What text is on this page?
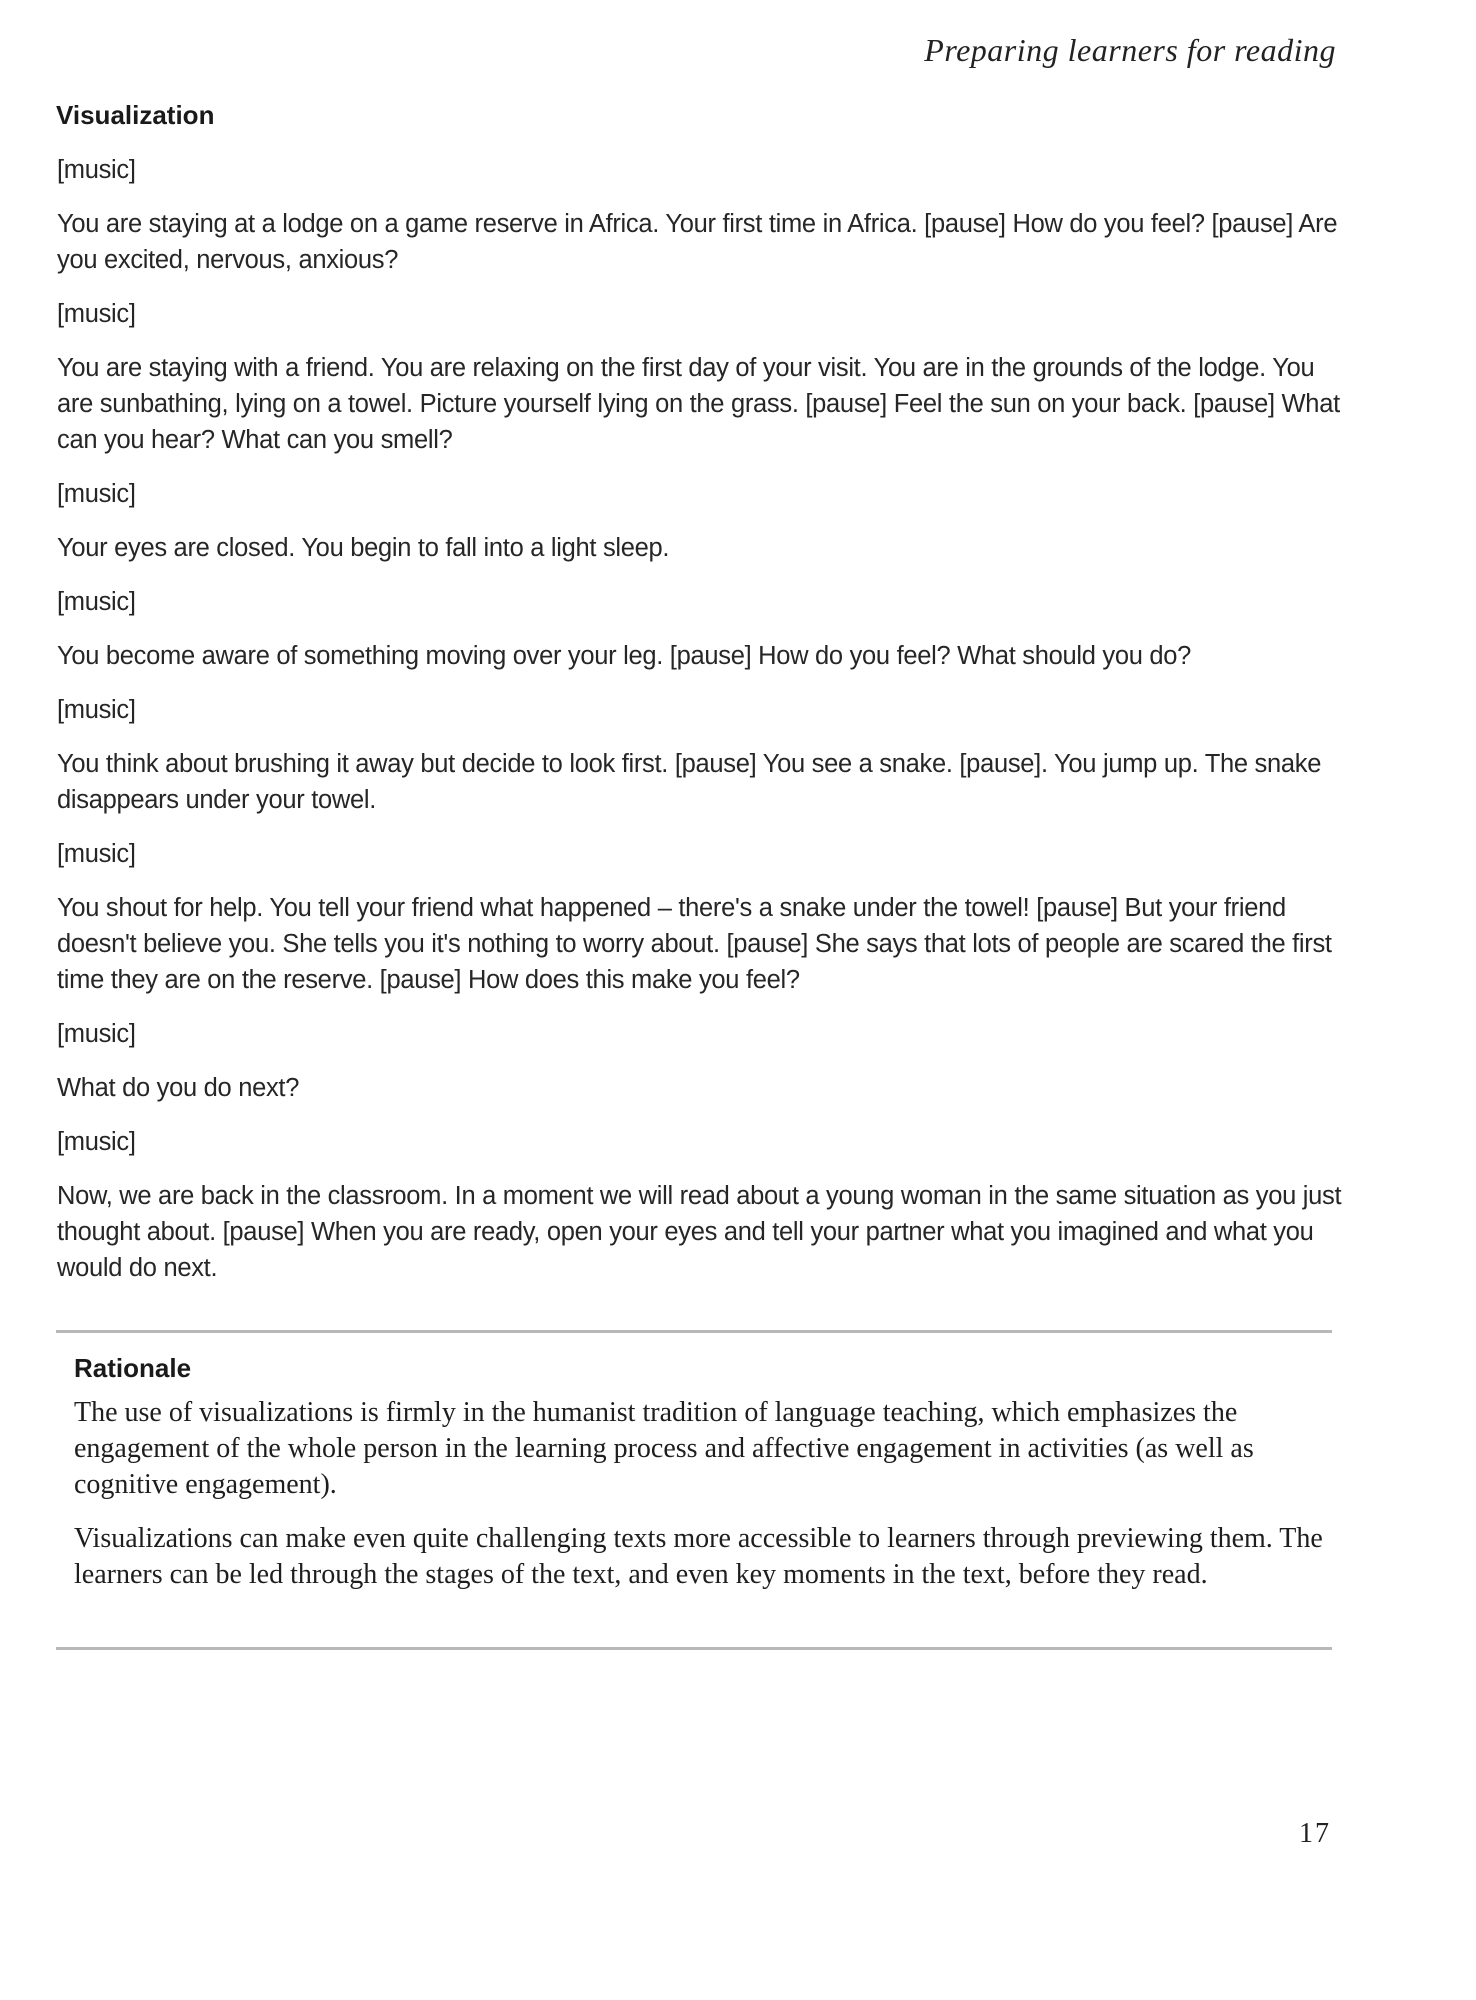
Preparing learners for reading
Visualization

[music]

You are staying at a lodge on a game reserve in Africa. Your first time in Africa. [pause] How do you feel? [pause] Are you excited, nervous, anxious?

[music]

You are staying with a friend. You are relaxing on the first day of your visit. You are in the grounds of the lodge. You are sunbathing, lying on a towel. Picture yourself lying on the grass. [pause] Feel the sun on your back. [pause] What can you hear? What can you smell?

[music]

Your eyes are closed. You begin to fall into a light sleep.

[music]

You become aware of something moving over your leg. [pause] How do you feel? What should you do?

[music]

You think about brushing it away but decide to look first. [pause] You see a snake. [pause]. You jump up. The snake disappears under your towel.

[music]

You shout for help. You tell your friend what happened – there's a snake under the towel! [pause] But your friend doesn't believe you. She tells you it's nothing to worry about. [pause] She says that lots of people are scared the first time they are on the reserve. [pause] How does this make you feel?

[music]

What do you do next?

[music]

Now, we are back in the classroom. In a moment we will read about a young woman in the same situation as you just thought about. [pause] When you are ready, open your eyes and tell your partner what you imagined and what you would do next.

Rationale

The use of visualizations is firmly in the humanist tradition of language teaching, which emphasizes the engagement of the whole person in the learning process and affective engagement in activities (as well as cognitive engagement).

Visualizations can make even quite challenging texts more accessible to learners through previewing them. The learners can be led through the stages of the text, and even key moments in the text, before they read.

17
